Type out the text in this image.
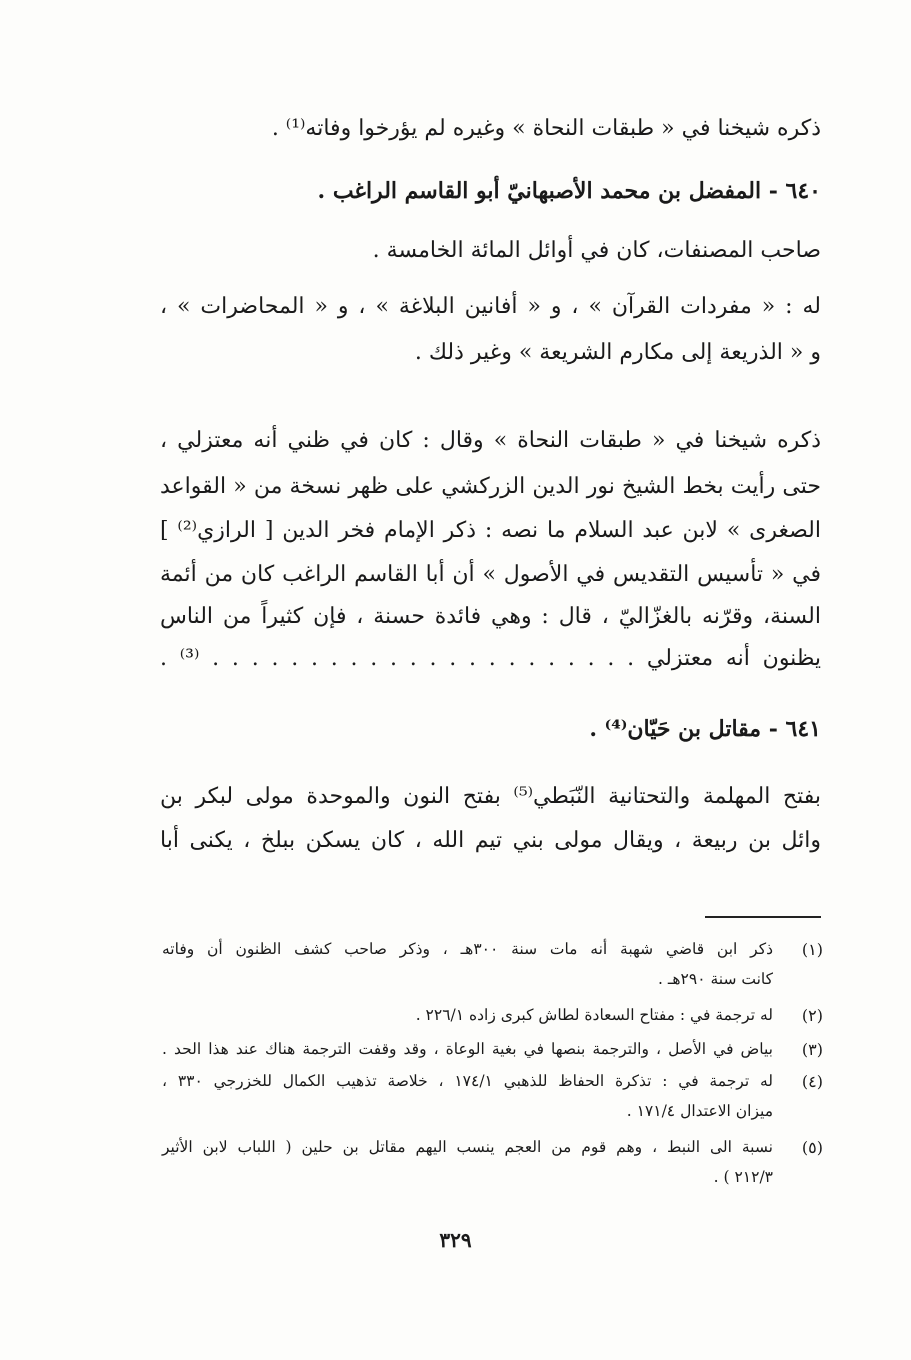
ذكره شيخنا في « طبقات النحاة » وغيره لم يؤرخوا وفاته⁽¹⁾ .
٦٤٠ - المفضل بن محمد الأصبهانيّ أبو القاسم الراغب .
صاحب المصنفات، كان في أوائل المائة الخامسة .
له : « مفردات القرآن » ، و « أفانين البلاغة » ، و « المحاضرات » ،
و « الذريعة إلى مكارم الشريعة » وغير ذلك .
ذكره شيخنا في « طبقات النحاة » وقال : كان في ظني أنه معتزلي ،
حتى رأيت بخط الشيخ نور الدين الزركشي على ظهر نسخة من « القواعد
الصغرى » لابن عبد السلام ما نصه : ذكر الإمام فخر الدين [ الرازي⁽²⁾ ]
في « تأسيس التقديس في الأصول » أن أبا القاسم الراغب كان من أئمة
السنة، وقرّنه بالغزّاليّ ، قال : وهي فائدة حسنة ، فإن كثيراً من الناس
يظنون أنه معتزلي . . . . . . . . . . . . . . . . . . . . . . ⁽³⁾ .
٦٤١ - مقاتل بن حَيّان⁽⁴⁾ .
بفتح المهلمة والتحتانية النّبَطي⁽⁵⁾ بفتح النون والموحدة مولى لبكر بن
وائل بن ربيعة ، ويقال مولى بني تيم الله ، كان يسكن ببلخ ، يكنى أبا
(١)
ذكر ابن قاضي شهبة أنه مات سنة ٣٠٠هـ ، وذكر صاحب كشف الظنون أن وفاته
كانت سنة ٢٩٠هـ .
(٢)
له ترجمة في : مفتاح السعادة لطاش كبرى زاده ٢٢٦/١ .
(٣)
بياض في الأصل ، والترجمة بنصها في بغية الوعاة ، وقد وقفت الترجمة هناك عند هذا الحد .
(٤)
له ترجمة في : تذكرة الحفاظ للذهبي ١٧٤/١ ، خلاصة تذهيب الكمال للخزرجي ٣٣٠ ،
ميزان الاعتدال ١٧١/٤ .
(٥)
نسبة الى النبط ، وهم قوم من العجم ينسب اليهم مقاتل بن حلين ( اللباب لابن الأثير
٢١٢/٣ ) .
٣٢٩
